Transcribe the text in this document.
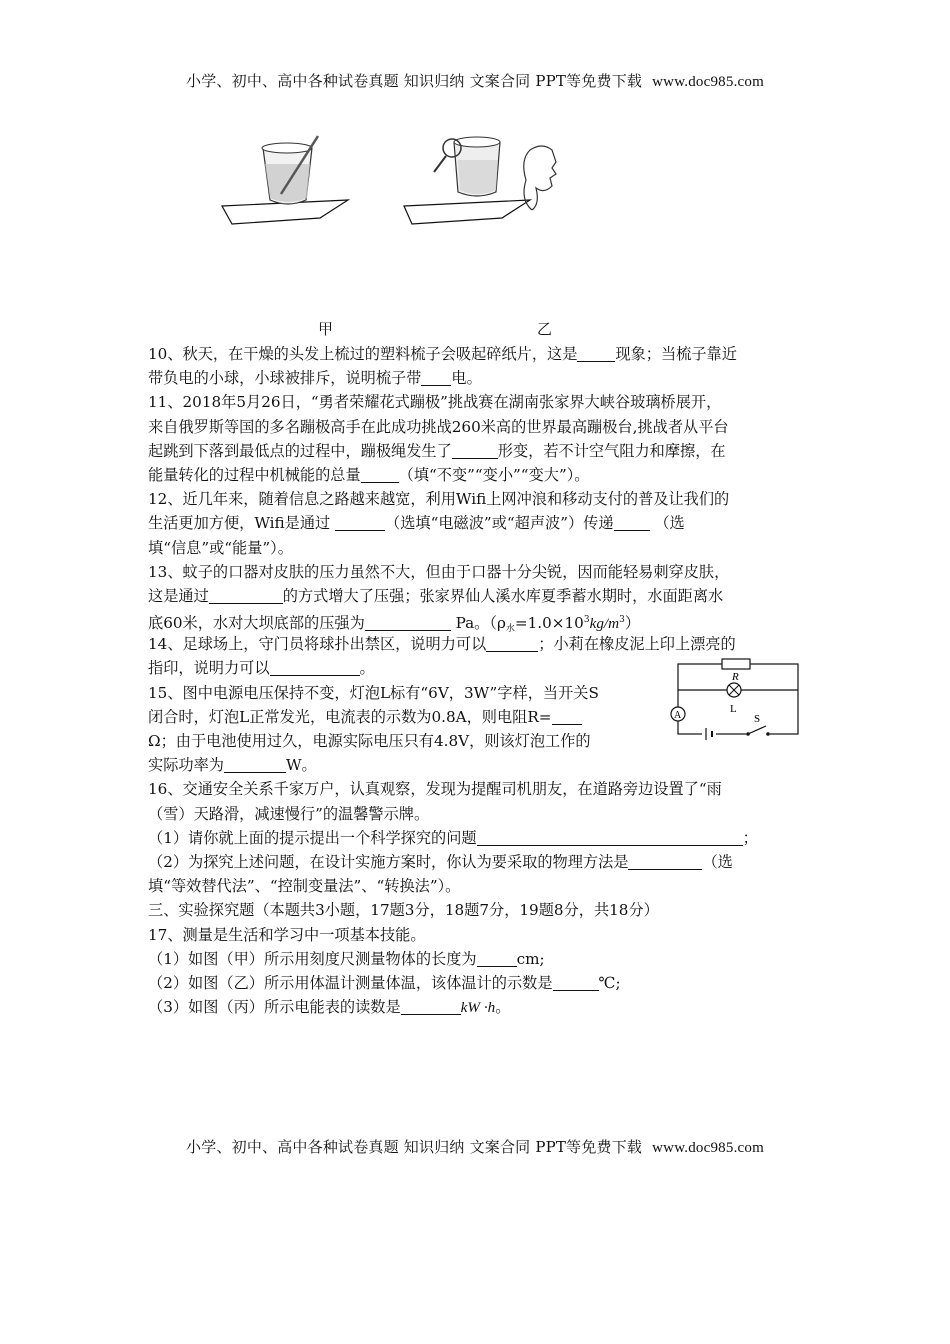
小学、初中、高中各种试卷真题 知识归纳 文案合同 PPT等免费下载 www.doc985.com
甲	乙
10、秋天，在干燥的头发上梳过的塑料梳子会吸起碎纸片，这是	现象；当梳子靠近
带负电的小球，小球被排斥，说明梳子带 电。
11、2018年5月26日，“勇者荣耀花式蹦极”挑战赛在湖南张家界大峡谷玻璃桥展开，
来自俄罗斯等国的多名蹦极高手在此成功挑战260米高的世界最高蹦极台,挑战者从平台
起跳到下落到最低点的过程中，蹦极绳发生了	形变，若不计空气阻力和摩擦，在
能量转化的过程中机械能的总量	（填“不变”“变小”“变大”）。
12、近几年来，随着信息之路越来越宽，利用Wifi上网冲浪和移动支付的普及让我们的
生活更加方便，Wifi是通过	（选填“电磁波”或“超声波”）传递 （选
填“信息”或“能量”）。
13、蚊子的口器对皮肤的压力虽然不大，但由于口器十分尖锐，因而能轻易刺穿皮肤，
这是通过	的方式增大了压强；张家界仙人溪水库夏季蓄水期时，水面距离水
底60米，水对大坝底部的压强为	Pa。$(\rho_水=1.0\times 10^3kg/m^3)$
14、足球场上，守门员将球扑出禁区，说明力可以	；小莉在橡皮泥上印上漂亮的
指印，说明力可以	。
15、图中电源电压保持不变，灯泡L标有“6V，3W”字样，当开关S
闭合时，灯泡L正常发光，电流表的示数为0.8A，则电阻R=
Ω；由于电池使用过久，电源实际电压只有4.8V，则该灯泡工作的
实际功率为	W。
16、交通安全关系千家万户，认真观察，发现为提醒司机朋友，在道路旁边设置了“雨
（雪）天路滑，减速慢行”的温馨警示牌。
（1）请你就上面的提示提出一个科学探究的问题	；
（2）为探究上述问题，在设计实施方案时，你认为要采取的物理方法是	（选
填“等效替代法”、“控制变量法”、“转换法”）。
三、实验探究题（本题共3小题，17题3分，18题7分，19题8分，共18分）
17、测量是生活和学习中一项基本技能。
（1）如图（甲）所示用刻度尺测量物体的长度为	cm;
（2）如图（乙）所示用体温计测量体温，该体温计的示数是	℃;
（3）如图（丙）所示电能表的读数是	kW ·h。
R
L
A	S
小学、初中、高中各种试卷真题 知识归纳 文案合同 PPT等免费下载 www.doc985.com
